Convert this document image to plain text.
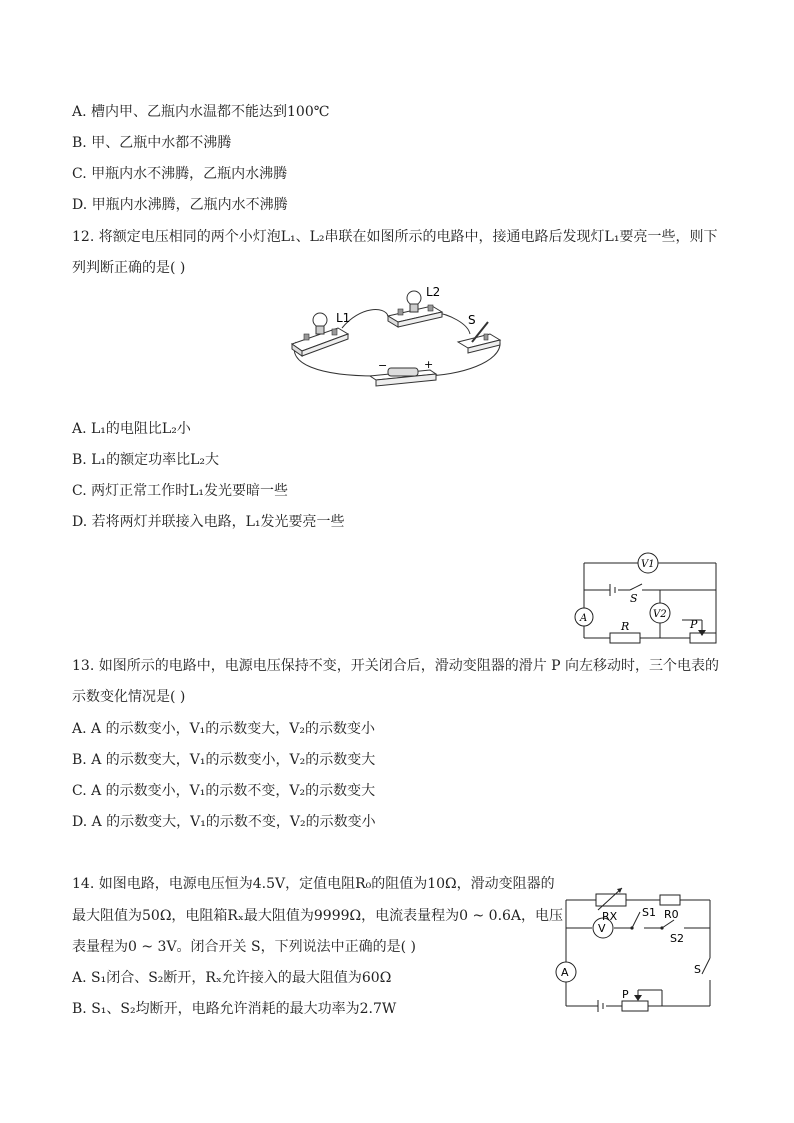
A. 槽内甲、乙瓶内水温都不能达到100℃
B. 甲、乙瓶中水都不沸腾
C. 甲瓶内水不沸腾，乙瓶内水沸腾
D. 甲瓶内水沸腾，乙瓶内水不沸腾
12. 将额定电压相同的两个小灯泡L₁、L₂串联在如图所示的电路中，接通电路后发现灯L₁要亮一些，则下
列判断正确的是( )
L1
L2
S
−	+
A. L₁的电阻比L₂小
B. L₁的额定功率比L₂大
C. 两灯正常工作时L₁发光要暗一些
D. 若将两灯并联接入电路，L₁发光要亮一些
V1
A	V2
S
R	P
13. 如图所示的电路中，电源电压保持不变，开关闭合后，滑动变阻器的滑片 P 向左移动时，三个电表的
示数变化情况是( )
A. A 的示数变小，V₁的示数变大，V₂的示数变小
B. A 的示数变大，V₁的示数变小，V₂的示数变大
C. A 的示数变小，V₁的示数不变，V₂的示数变大
D. A 的示数变大，V₁的示数不变，V₂的示数变小
14. 如图电路，电源电压恒为4.5V，定值电阻R₀的阻值为10Ω，滑动变阻器的
最大阻值为50Ω，电阻箱Rₓ最大阻值为9999Ω，电流表量程为0 ~ 0.6A，电压
表量程为0 ~ 3V。闭合开关 S，下列说法中正确的是( )
A. S₁闭合、S₂断开，Rₓ允许接入的最大阻值为60Ω
B. S₁、S₂均断开，电路允许消耗的最大功率为2.7W
V
A
RX	R0
S1
S2
S
P
